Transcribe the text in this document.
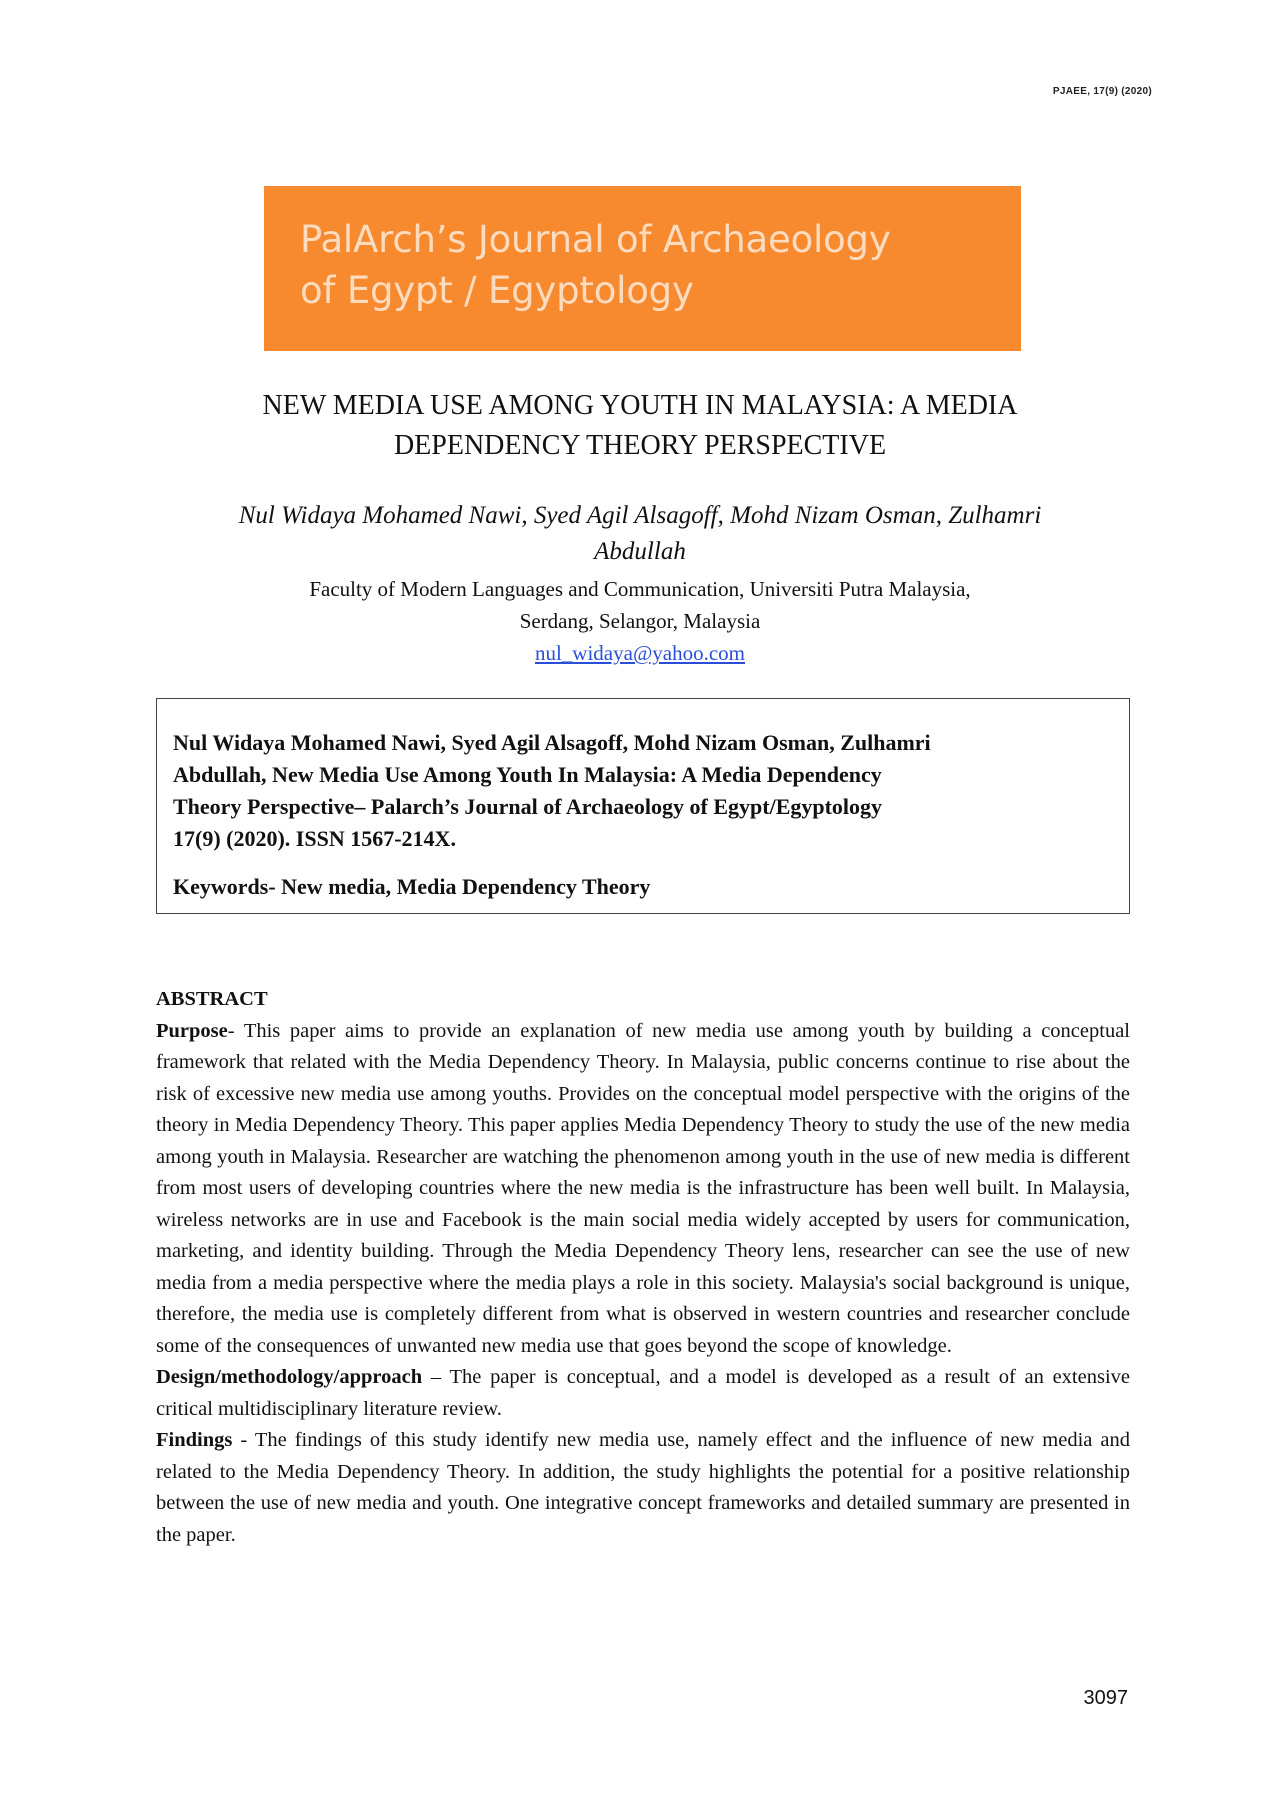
PJAEE, 17(9) (2020)
PalArch’s Journal of Archaeology
of Egypt / Egyptology
NEW MEDIA USE AMONG YOUTH IN MALAYSIA: A MEDIA
DEPENDENCY THEORY PERSPECTIVE
Nul Widaya Mohamed Nawi, Syed Agil Alsagoff, Mohd Nizam Osman, Zulhamri
Abdullah
Faculty of Modern Languages and Communication, Universiti Putra Malaysia,
Serdang, Selangor, Malaysia
nul_widaya@yahoo.com
Nul Widaya Mohamed Nawi, Syed Agil Alsagoff, Mohd Nizam Osman, Zulhamri
Abdullah, New Media Use Among Youth In Malaysia: A Media Dependency
Theory Perspective– Palarch’s Journal of Archaeology of Egypt/Egyptology
17(9) (2020). ISSN 1567-214X.
Keywords- New media, Media Dependency Theory

ABSTRACT

Purpose- This paper aims to provide an explanation of new media use among youth by building a conceptual framework that related with the Media Dependency Theory. In Malaysia, public concerns continue to rise about the risk of excessive new media use among youths. Provides on the conceptual model perspective with the origins of the theory in Media Dependency Theory. This paper applies Media Dependency Theory to study the use of the new media among youth in Malaysia. Researcher are watching the phenomenon among youth in the use of new media is different from most users of developing countries where the new media is the infrastructure has been well built. In Malaysia, wireless networks are in use and Facebook is the main social media widely accepted by users for communication, marketing, and identity building. Through the Media Dependency Theory lens, researcher can see the use of new media from a media perspective where the media plays a role in this society. Malaysia's social background is unique, therefore, the media use is completely different from what is observed in western countries and researcher conclude some of the consequences of unwanted new media use that goes beyond the scope of knowledge.

Design/methodology/approach – The paper is conceptual, and a model is developed as a result of an extensive critical multidisciplinary literature review.

Findings - The findings of this study identify new media use, namely effect and the influence of new media and related to the Media Dependency Theory. In addition, the study highlights the potential for a positive relationship between the use of new media and youth. One integrative concept frameworks and detailed summary are presented in the paper.

3097
